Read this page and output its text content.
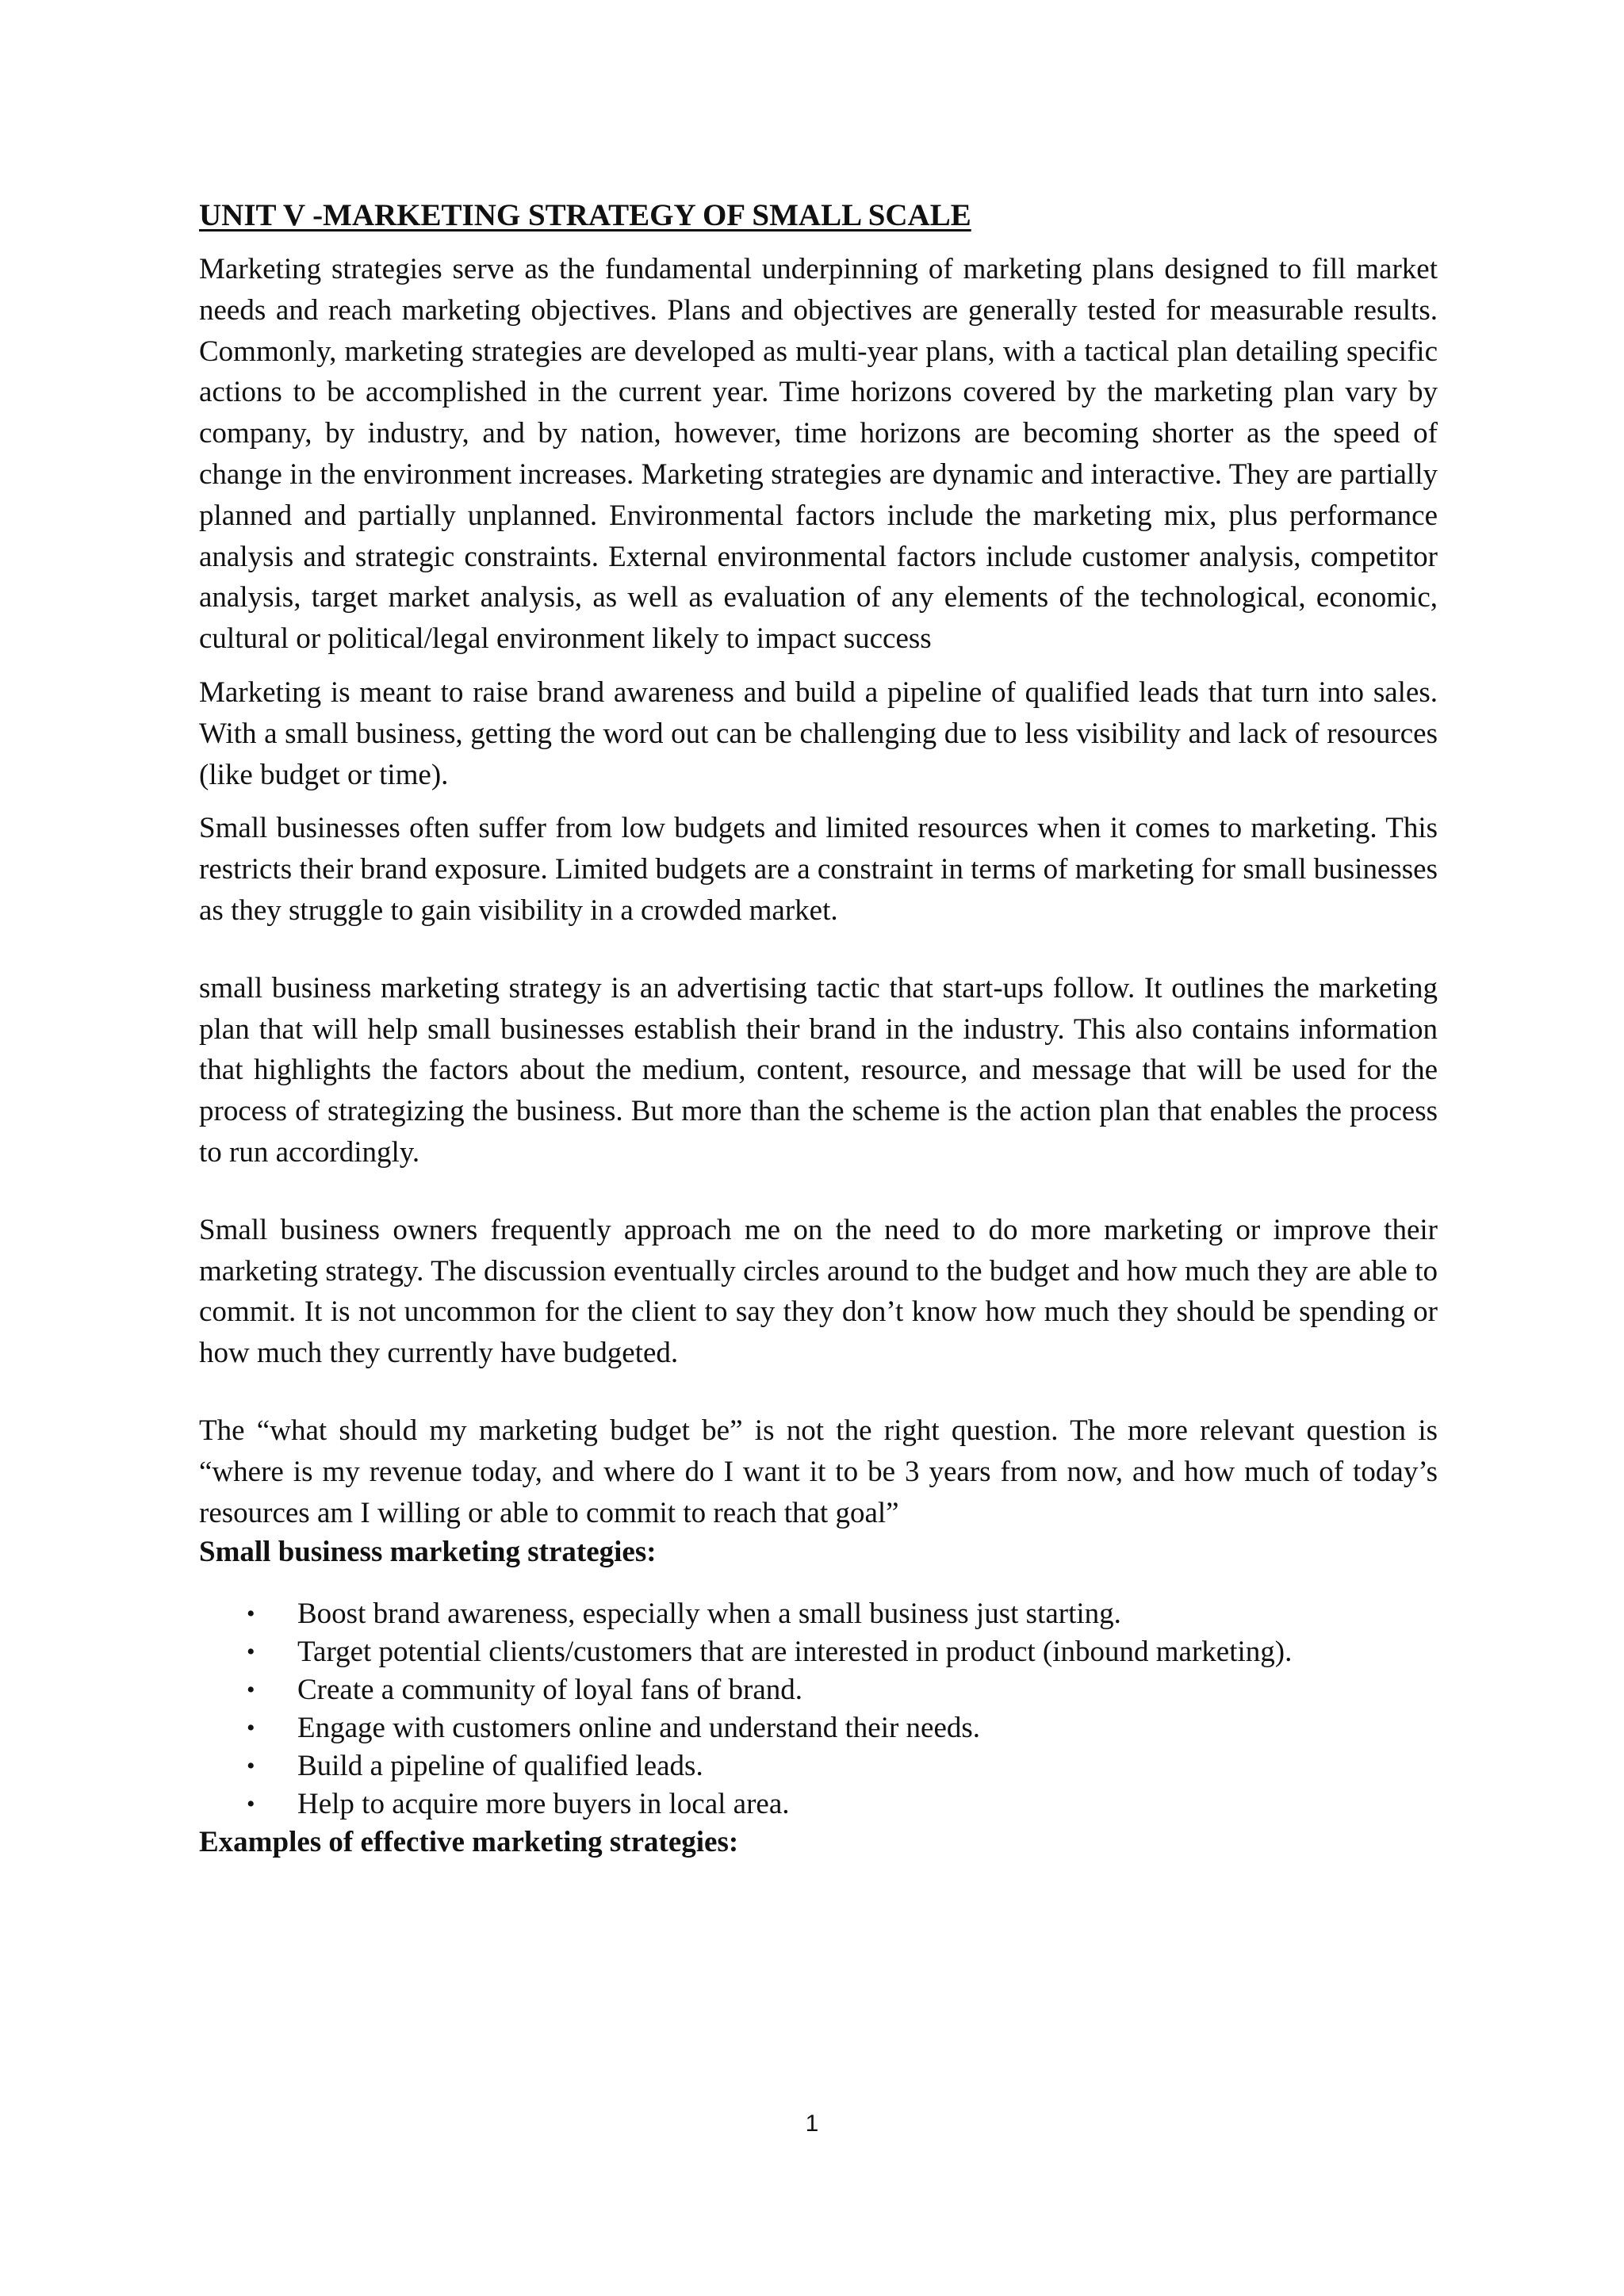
UNIT V -MARKETING STRATEGY OF SMALL SCALE

Marketing strategies serve as the fundamental underpinning of marketing plans designed to fill market needs and reach marketing objectives. Plans and objectives are generally tested for measurable results. Commonly, marketing strategies are developed as multi-year plans, with a tactical plan detailing specific actions to be accomplished in the current year. Time horizons covered by the marketing plan vary by company, by industry, and by nation, however, time horizons are becoming shorter as the speed of change in the environment increases. Marketing strategies are dynamic and interactive. They are partially planned and partially unplanned. Environmental factors include the marketing mix, plus performance analysis and strategic constraints. External environmental factors include customer analysis, competitor analysis, target market analysis, as well as evaluation of any elements of the technological, economic, cultural or political/legal environment likely to impact success

Marketing is meant to raise brand awareness and build a pipeline of qualified leads that turn into sales. With a small business, getting the word out can be challenging due to less visibility and lack of resources (like budget or time).

Small businesses often suffer from low budgets and limited resources when it comes to marketing. This restricts their brand exposure. Limited budgets are a constraint in terms of marketing for small businesses as they struggle to gain visibility in a crowded market.

small business marketing strategy is an advertising tactic that start-ups follow. It outlines the marketing plan that will help small businesses establish their brand in the industry. This also contains information that highlights the factors about the medium, content, resource, and message that will be used for the process of strategizing the business. But more than the scheme is the action plan that enables the process to run accordingly.

Small business owners frequently approach me on the need to do more marketing or improve their marketing strategy. The discussion eventually circles around to the budget and how much they are able to commit. It is not uncommon for the client to say they don’t know how much they should be spending or how much they currently have budgeted.

The “what should my marketing budget be” is not the right question. The more relevant question is “where is my revenue today, and where do I want it to be 3 years from now, and how much of today’s resources am I willing or able to commit to reach that goal”

Small business marketing strategies:
• Boost brand awareness, especially when a small business just starting.
• Target potential clients/customers that are interested in product (inbound marketing).
• Create a community of loyal fans of brand.
• Engage with customers online and understand their needs.
• Build a pipeline of qualified leads.
• Help to acquire more buyers in local area.
Examples of effective marketing strategies:
1
